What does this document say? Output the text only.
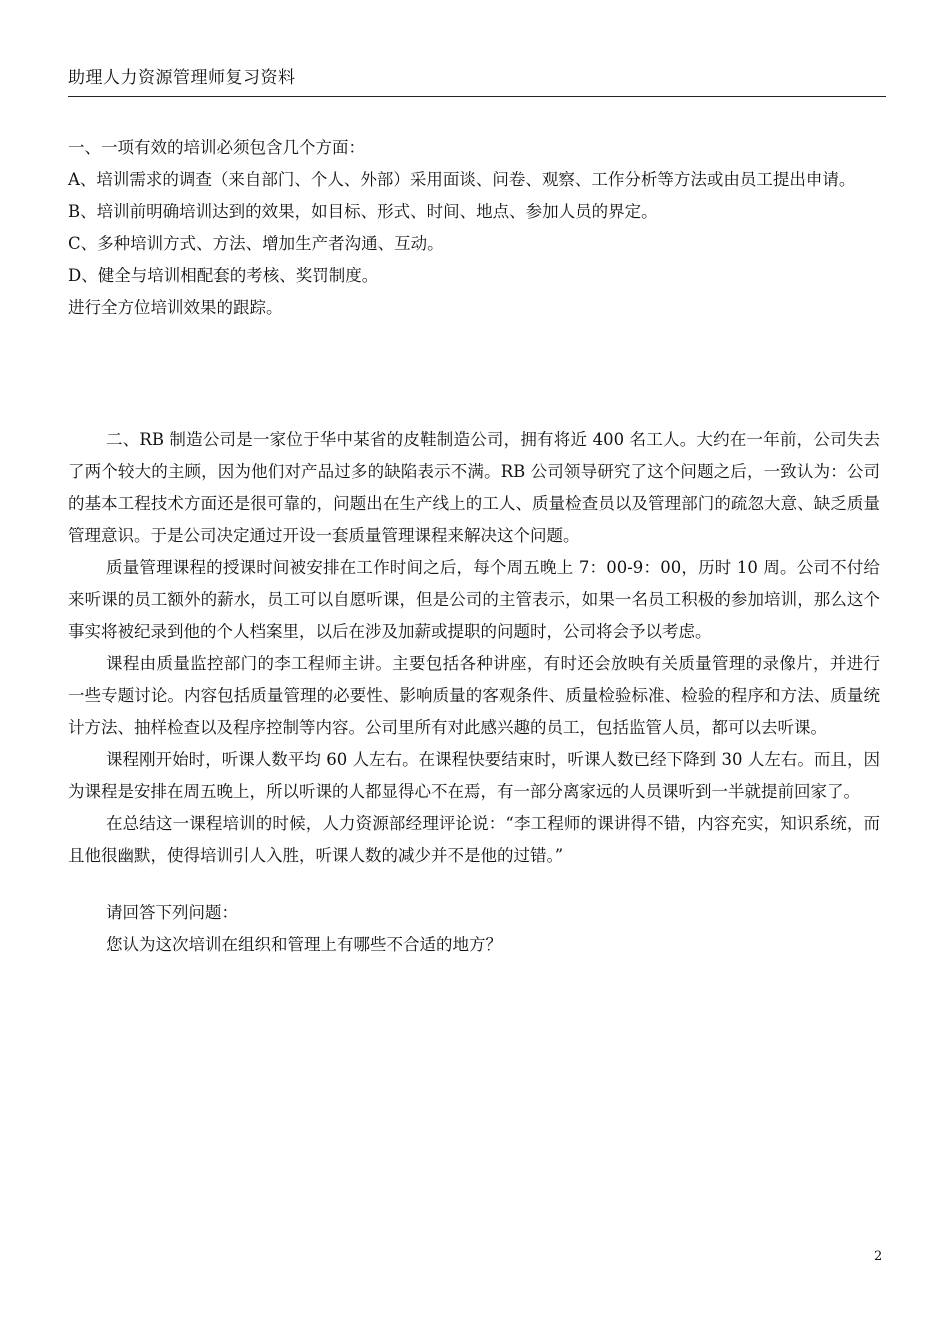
助理人力资源管理师复习资料

一、一项有效的培训必须包含几个方面：

A、培训需求的调查（来自部门、个人、外部）采用面谈、问卷、观察、工作分析等方法或由员工提出申请。

B、培训前明确培训达到的效果，如目标、形式、时间、地点、参加人员的界定。

C、多种培训方式、方法、增加生产者沟通、互动。

D、健全与培训相配套的考核、奖罚制度。

进行全方位培训效果的跟踪。

二、RB 制造公司是一家位于华中某省的皮鞋制造公司，拥有将近 400 名工人。大约在一年前，公司失去了两个较大的主顾，因为他们对产品过多的缺陷表示不满。RB 公司领导研究了这个问题之后，一致认为：公司的基本工程技术方面还是很可靠的，问题出在生产线上的工人、质量检查员以及管理部门的疏忽大意、缺乏质量管理意识。于是公司决定通过开设一套质量管理课程来解决这个问题。

质量管理课程的授课时间被安排在工作时间之后，每个周五晚上 7：00-9：00，历时 10 周。公司不付给来听课的员工额外的薪水，员工可以自愿听课，但是公司的主管表示，如果一名员工积极的参加培训，那么这个事实将被纪录到他的个人档案里，以后在涉及加薪或提职的问题时，公司将会予以考虑。

课程由质量监控部门的李工程师主讲。主要包括各种讲座，有时还会放映有关质量管理的录像片，并进行一些专题讨论。内容包括质量管理的必要性、影响质量的客观条件、质量检验标准、检验的程序和方法、质量统计方法、抽样检查以及程序控制等内容。公司里所有对此感兴趣的员工，包括监管人员，都可以去听课。

课程刚开始时，听课人数平均 60 人左右。在课程快要结束时，听课人数已经下降到 30 人左右。而且，因为课程是安排在周五晚上，所以听课的人都显得心不在焉，有一部分离家远的人员课听到一半就提前回家了。

在总结这一课程培训的时候，人力资源部经理评论说：“李工程师的课讲得不错，内容充实，知识系统，而且他很幽默，使得培训引人入胜，听课人数的减少并不是他的过错。”

请回答下列问题：

您认为这次培训在组织和管理上有哪些不合适的地方？

2
